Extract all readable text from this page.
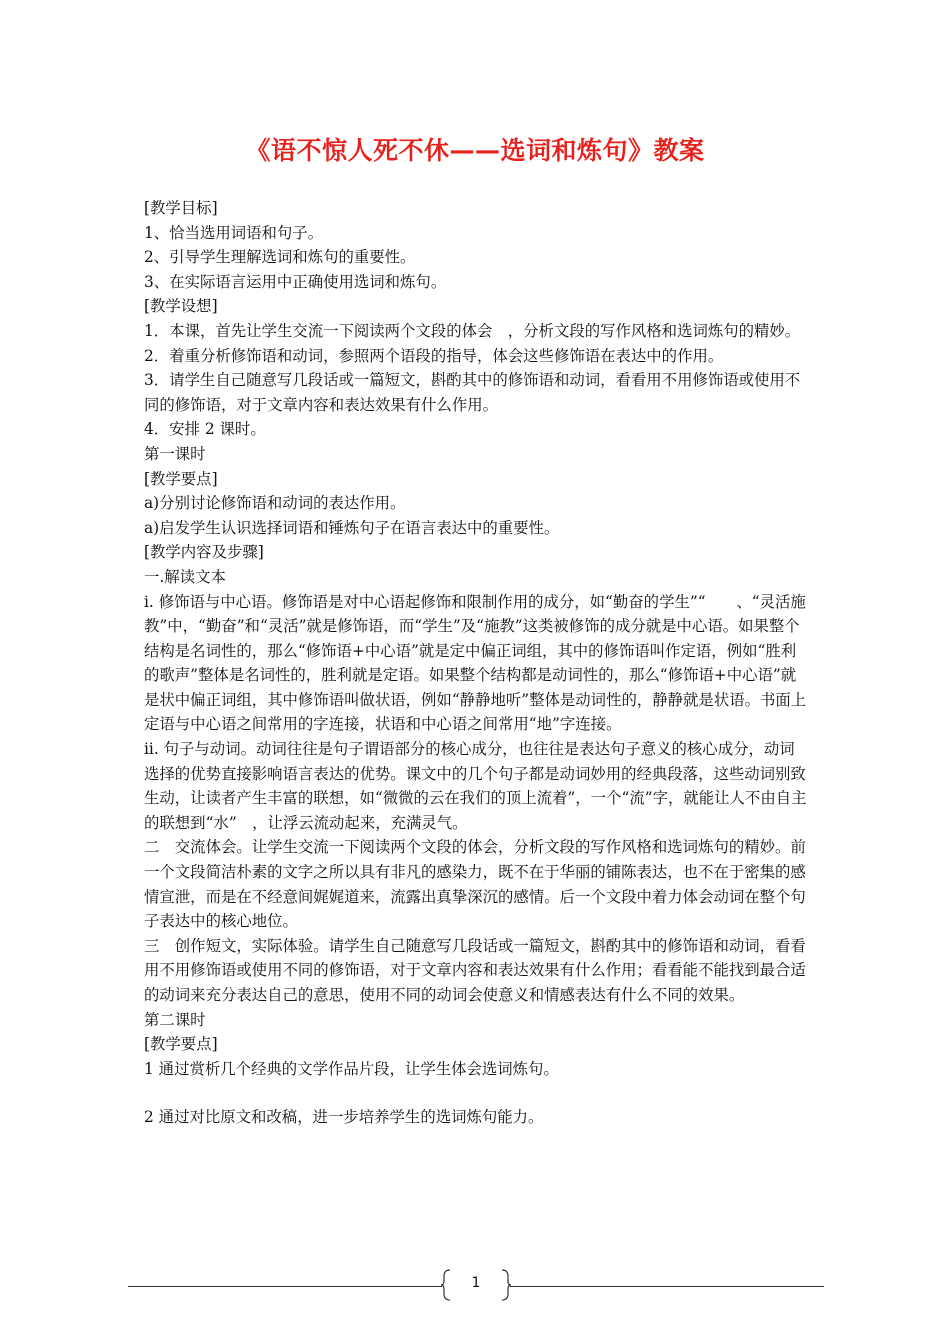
《语不惊人死不休——选词和炼句》教案

[教学目标]

1、恰当选用词语和句子。

2、引导学生理解选词和炼句的重要性。

3、在实际语言运用中正确使用选词和炼句。

[教学设想]

1．本课，首先让学生交流一下阅读两个文段的体会　，分析文段的写作风格和选词炼句的精妙。

2．着重分析修饰语和动词，参照两个语段的指导，体会这些修饰语在表达中的作用。

3．请学生自己随意写几段话或一篇短文，斟酌其中的修饰语和动词，看看用不用修饰语或使用不同的修饰语，对于文章内容和表达效果有什么作用。

4．安排 2 课时。

第一课时

[教学要点]

a)分别讨论修饰语和动词的表达作用。

a)启发学生认识选择词语和锤炼句子在语言表达中的重要性。

[教学内容及步骤]

一.解读文本

i. 修饰语与中心语。修饰语是对中心语起修饰和限制作用的成分，如“勤奋的学生”“　　、“灵活施教”中，“勤奋”和“灵活”就是修饰语，而“学生”及“施教”这类被修饰的成分就是中心语。如果整个结构是名词性的，那么“修饰语+中心语”就是定中偏正词组，其中的修饰语叫作定语，例如“胜利的歌声”整体是名词性的，胜利就是定语。如果整个结构都是动词性的，那么“修饰语+中心语”就是状中偏正词组，其中修饰语叫做状语，例如“静静地听”整体是动词性的，静静就是状语。书面上定语与中心语之间常用的字连接，状语和中心语之间常用“地”字连接。

ii. 句子与动词。动词往往是句子谓语部分的核心成分，也往往是表达句子意义的核心成分，动词选择的优势直接影响语言表达的优势。课文中的几个句子都是动词妙用的经典段落，这些动词别致生动，让读者产生丰富的联想，如“微微的云在我们的顶上流着”，一个“流”字，就能让人不由自主的联想到“水”　，让浮云流动起来，充满灵气。

二　交流体会。让学生交流一下阅读两个文段的体会，分析文段的写作风格和选词炼句的精妙。前一个文段简洁朴素的文字之所以具有非凡的感染力，既不在于华丽的铺陈表达，也不在于密集的感情宣泄，而是在不经意间娓娓道来，流露出真挚深沉的感情。后一个文段中着力体会动词在整个句子表达中的核心地位。

三　创作短文，实际体验。请学生自己随意写几段话或一篇短文，斟酌其中的修饰语和动词，看看用不用修饰语或使用不同的修饰语，对于文章内容和表达效果有什么作用；看看能不能找到最合适的动词来充分表达自己的意思，使用不同的动词会使意义和情感表达有什么不同的效果。

第二课时

[教学要点]

1 通过赏析几个经典的文学作品片段，让学生体会选词炼句。

2 通过对比原文和改稿，进一步培养学生的选词炼句能力。

1
